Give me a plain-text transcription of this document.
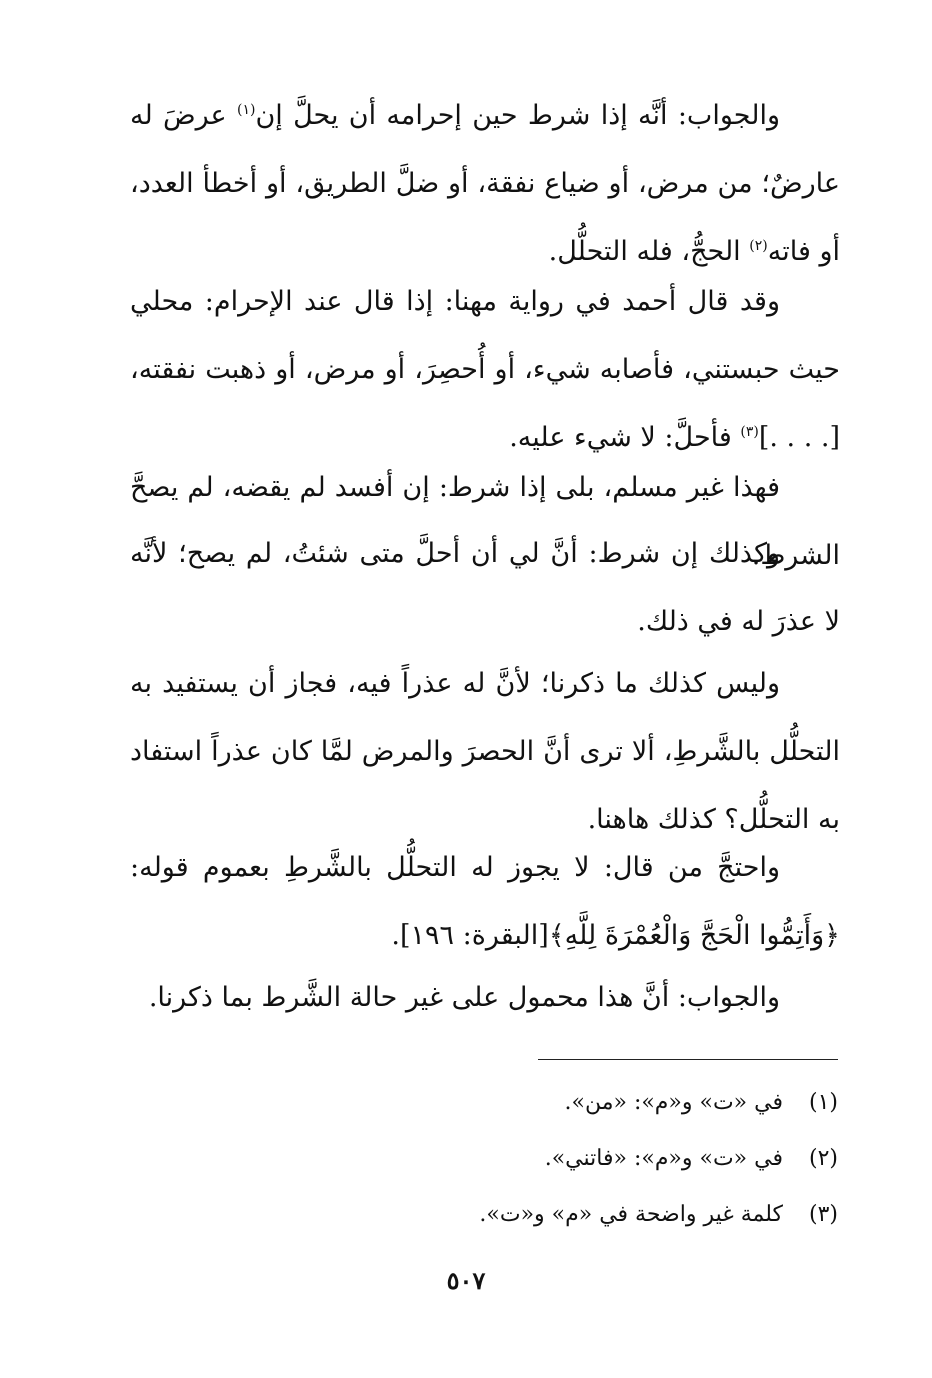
والجواب: أنَّه إذا شرط حين إحرامه أن يحلَّ إن$^{(١)}$ عرضَ له عارضٌ؛ من مرض، أو ضياع نفقة، أو ضلَّ الطريق، أو أخطأ العدد، أو فاته$^{(٢)}$ الحجُّ، فله التحلُّل.

وقد قال أحمد في رواية مهنا: إذا قال عند الإحرام: محلي حيث حبستني، فأصابه شيء، أو أُحصِرَ، أو مرض، أو ذهبت نفقته، [. . . .]$^{(٣)}$ فأحلَّ: لا شيء عليه.

فهذا غير مسلم، بلى إذا شرط: إن أفسد لم يقضه، لم يصحَّ الشرط.

وكذلك إن شرط: أنَّ لي أن أحلَّ متى شئتُ، لم يصح؛ لأنَّه لا عذرَ له في ذلك.

وليس كذلك ما ذكرنا؛ لأنَّ له عذراً فيه، فجاز أن يستفيد به التحلُّل بالشَّرطِ، ألا ترى أنَّ الحصرَ والمرض لمَّا كان عذراً استفاد به التحلُّل؟ كذلك هاهنا.

واحتجَّ من قال: لا يجوز له التحلُّل بالشَّرطِ بعموم قوله: ﴿وَأَتِمُّوا الْحَجَّ وَالْعُمْرَةَ لِلَّهِ﴾[البقرة: ١٩٦].

والجواب: أنَّ هذا محمول على غير حالة الشَّرط بما ذكرنا.

(١) في «ت» و«م»: «من».
(٢) في «ت» و«م»: «فاتني».
(٣) كلمة غير واضحة في «م» و«ت».
٥٠٧
